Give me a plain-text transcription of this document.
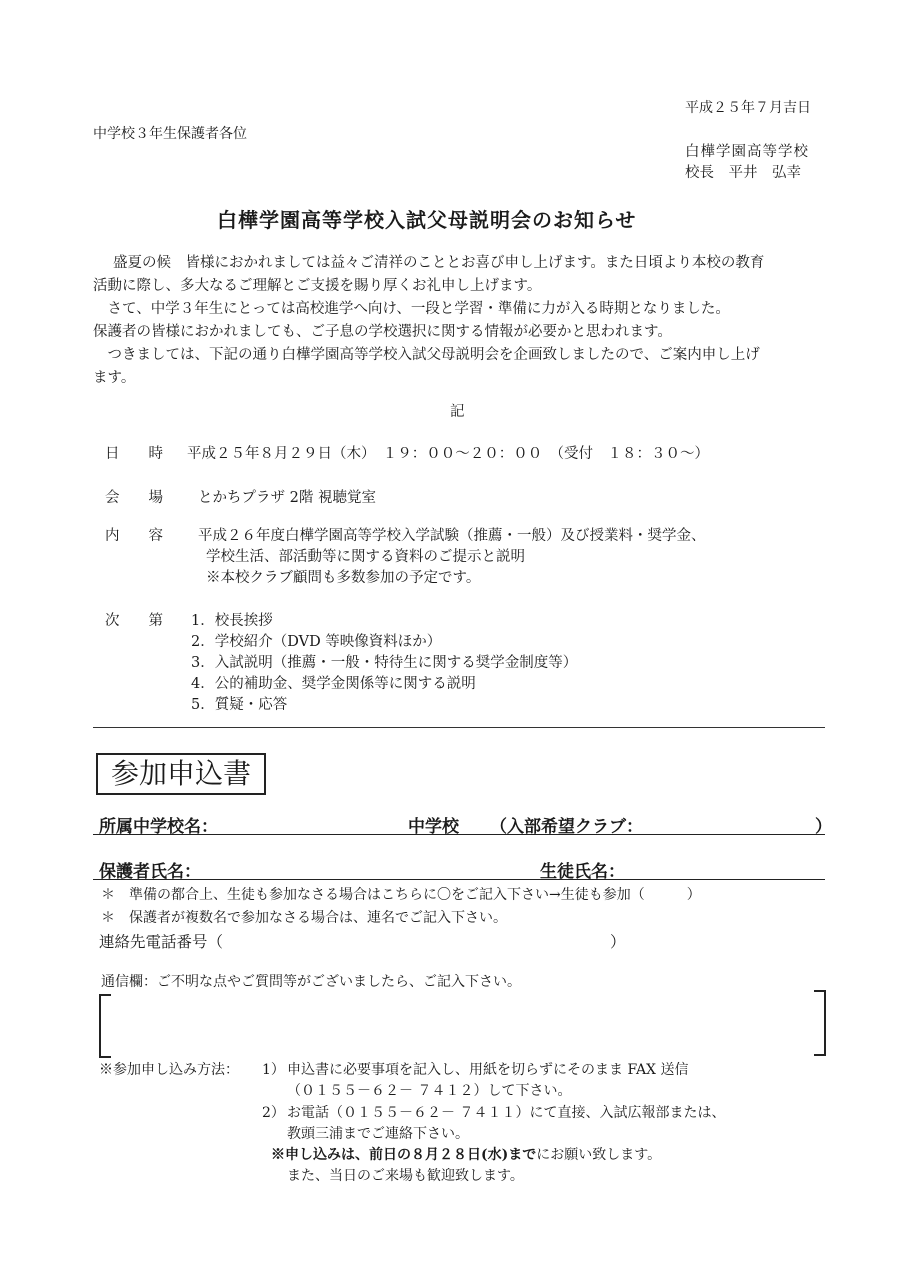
平成２５年７月吉日
中学校３年生保護者各位
白樺学園高等学校
校長　平井　弘幸
白樺学園高等学校入試父母説明会のお知らせ
盛夏の候　皆様におかれましては益々ご清祥のこととお喜び申し上げます。また日頃より本校の教育
活動に際し、多大なるご理解とご支援を賜り厚くお礼申し上げます。
　さて、中学３年生にとっては高校進学へ向け、一段と学習・準備に力が入る時期となりました。
保護者の皆様におかれましても、ご子息の学校選択に関する情報が必要かと思われます。
　つきましては、下記の通り白樺学園高等学校入試父母説明会を企画致しましたので、ご案内申し上げ
ます。
記
日　　時 平成２５年８月２９日（木）　１９：００～２０：００　（受付　１８：３０～）
会　　場 とかちプラザ 2階 視聴覚室
内　　容 平成２６年度白樺学園高等学校入学試験（推薦・一般）及び授業料・奨学金、
学校生活、部活動等に関する資料のご提示と説明
※本校クラブ顧問も多数参加の予定です。
次　　第 1．校長挨拶
2．学校紹介（DVD 等映像資料ほか）
3．入試説明（推薦・一般・特待生に関する奨学金制度等）
4．公的補助金、奨学金関係等に関する説明
5．質疑・応答
参加申込書
所属中学校名：	中学校 （入部希望クラブ：	）
保護者氏名：	生徒氏名：
＊　準備の都合上、生徒も参加なさる場合はこちらに〇をご記入下さい→生徒も参加（　　　）
＊　保護者が複数名で参加なさる場合は、連名でご記入下さい。
連絡先電話番号（	）
通信欄：ご不明な点やご質問等がございましたら、ご記入下さい。
※参加申し込み方法： 1） 申込書に必要事項を記入し、用紙を切らずにそのまま FAX 送信
（０１５５－６２－ ７４１２）して下さい。
2） お電話（０１５５－６２－ ７４１１）にて直接、入試広報部または、
教頭三浦までご連絡下さい。
※申し込みは、前日の８月２８日(水)までにお願い致します。
また、当日のご来場も歓迎致します。
